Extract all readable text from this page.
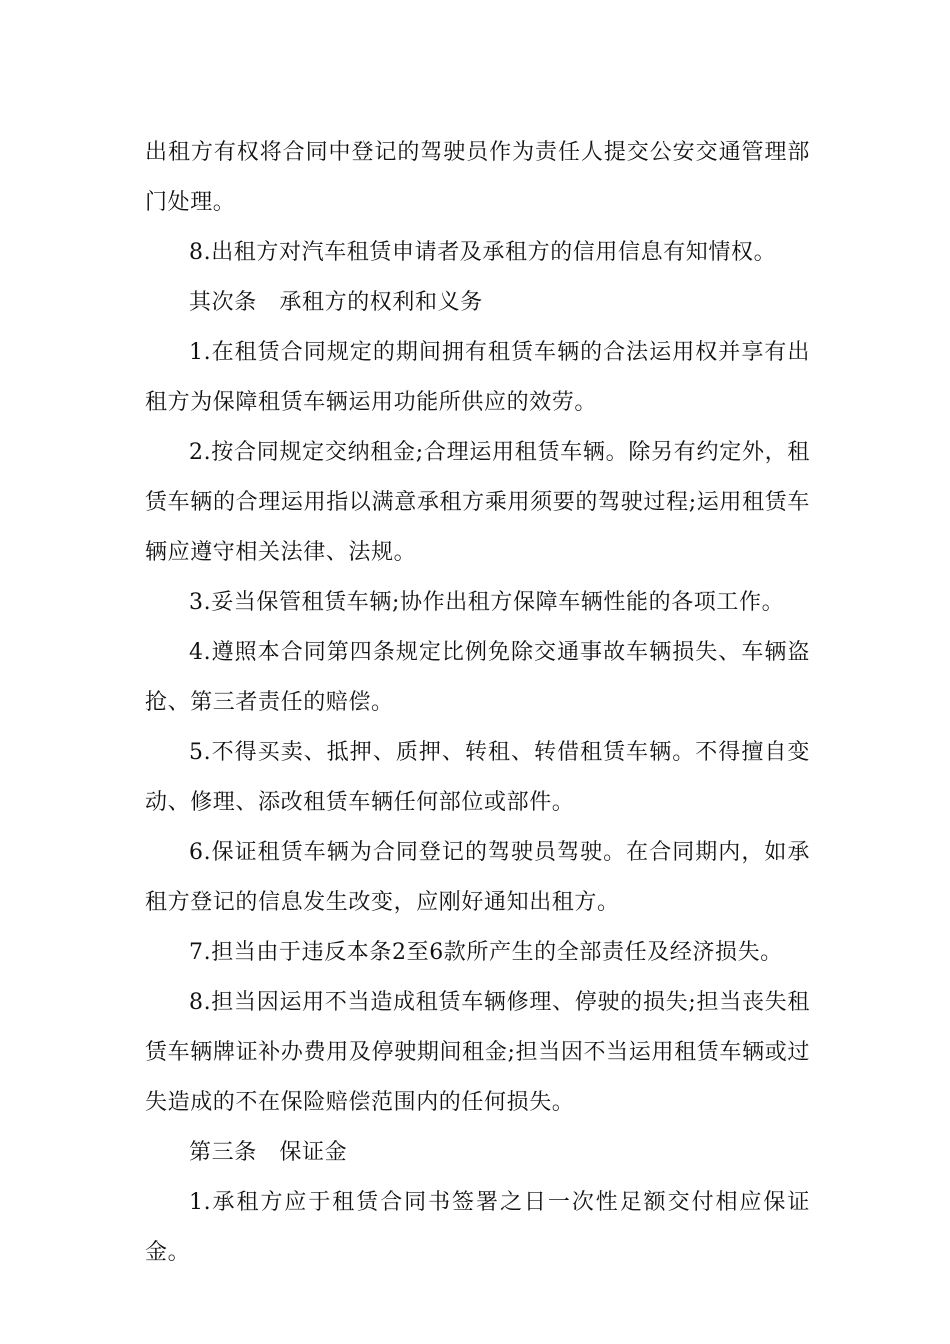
出租方有权将合同中登记的驾驶员作为责任人提交公安交通管理部门处理。

8.出租方对汽车租赁申请者及承租方的信用信息有知情权。

其次条　承租方的权利和义务

1.在租赁合同规定的期间拥有租赁车辆的合法运用权并享有出租方为保障租赁车辆运用功能所供应的效劳。

2.按合同规定交纳租金;合理运用租赁车辆。除另有约定外，租赁车辆的合理运用指以满意承租方乘用须要的驾驶过程;运用租赁车辆应遵守相关法律、法规。

3.妥当保管租赁车辆;协作出租方保障车辆性能的各项工作。

4.遵照本合同第四条规定比例免除交通事故车辆损失、车辆盗抢、第三者责任的赔偿。

5.不得买卖、抵押、质押、转租、转借租赁车辆。不得擅自变动、修理、添改租赁车辆任何部位或部件。

6.保证租赁车辆为合同登记的驾驶员驾驶。在合同期内，如承租方登记的信息发生改变，应刚好通知出租方。

7.担当由于违反本条2至6款所产生的全部责任及经济损失。

8.担当因运用不当造成租赁车辆修理、停驶的损失;担当丧失租赁车辆牌证补办费用及停驶期间租金;担当因不当运用租赁车辆或过失造成的不在保险赔偿范围内的任何损失。

第三条　保证金

1.承租方应于租赁合同书签署之日一次性足额交付相应保证金。
